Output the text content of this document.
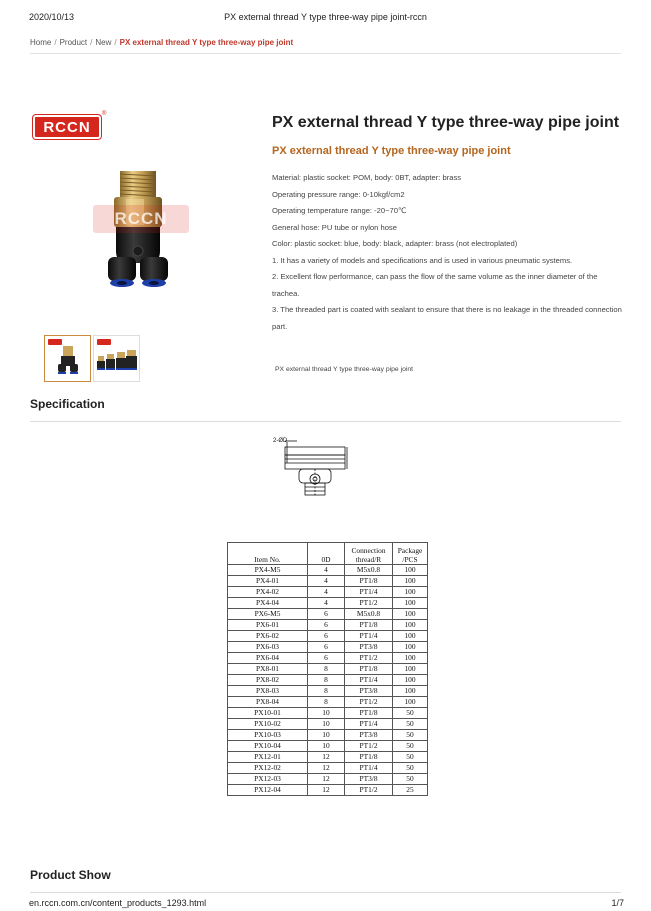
2020/10/13	PX external thread Y type three-way pipe joint-rccn
Home / Product / New / PX external thread Y type three-way pipe joint
RCCN
®
RCCN
PX external thread Y type three-way pipe joint
PX external thread Y type three-way pipe joint

Material: plastic socket: POM, body: 0BT, adapter: brass

Operating pressure range: 0-10kgf/cm2

Operating temperature range: -20~70℃

General hose: PU tube or nylon hose

Color: plastic socket: blue, body: black, adapter: brass (not electroplated)

1. It has a variety of models and specifications and is used in various pneumatic systems.

2. Excellent flow performance, can pass the flow of the same volume as the inner diameter of the trachea.

3. The threaded part is coated with sealant to ensure that there is no leakage in the threaded connection part.

PX external thread Y type three-way pipe joint
Specification
2-ØD
Item No.	0D	Connection thread/R	Package /PCS
PX4-M5	4	M5x0.8	100
PX4-01	4	PT1/8	100
PX4-02	4	PT1/4	100
PX4-04	4	PT1/2	100
PX6-M5	6	M5x0.8	100
PX6-01	6	PT1/8	100
PX6-02	6	PT1/4	100
PX6-03	6	PT3/8	100
PX6-04	6	PT1/2	100
PX8-01	8	PT1/8	100
PX8-02	8	PT1/4	100
PX8-03	8	PT3/8	100
PX8-04	8	PT1/2	100
PX10-01	10	PT1/8	50
PX10-02	10	PT1/4	50
PX10-03	10	PT3/8	50
PX10-04	10	PT1/2	50
PX12-01	12	PT1/8	50
PX12-02	12	PT1/4	50
PX12-03	12	PT3/8	50
PX12-04	12	PT1/2	25
Product Show
en.rccn.com.cn/content_products_1293.html	1/7
